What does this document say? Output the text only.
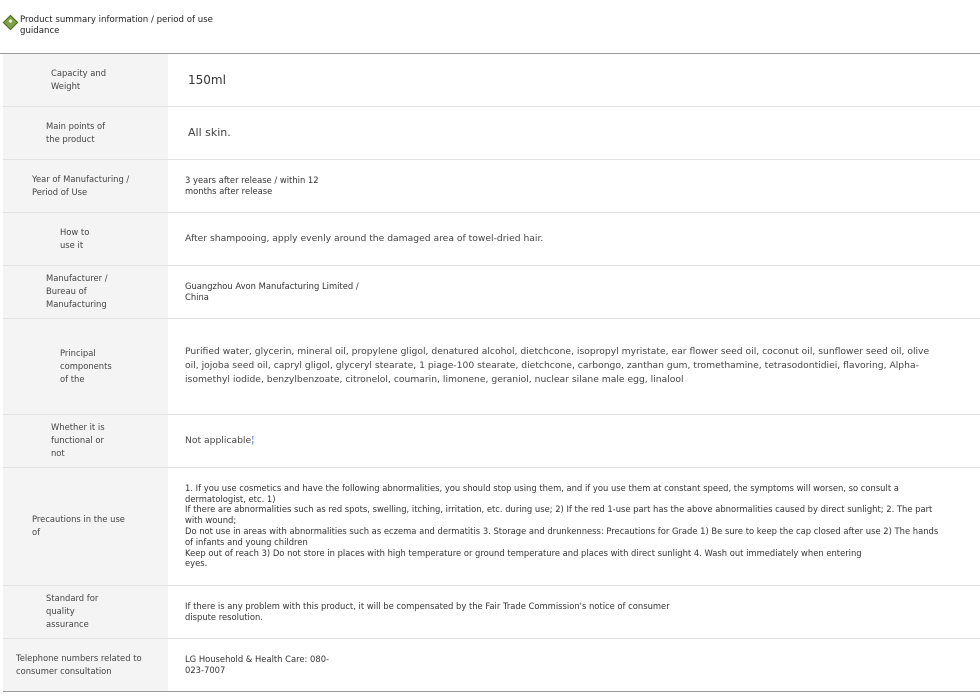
Product summary information / period of use guidance
Capacity and Weight	150ml

Main points of the product	All skin.

Year of Manufacturing / Period of Use	3 years after release / within 12 months after release

How to use it	After shampooing, apply evenly around the damaged area of towel-dried hair.

Manufacturer / Bureau of Manufacturing	Guangzhou Avon Manufacturing Limited / China

Principal components of the	Purified water, glycerin, mineral oil, propylene gligol, denatured alcohol, dietchcone, isopropyl myristate, ear flower seed oil, coconut oil, sunflower seed oil, olive oil, jojoba seed oil, capryl gligol, glyceryl stearate, 1 piage-100 stearate, dietchcone, carbongo, zanthan gum, tromethamine, tetrasodontidiei, flavoring, Alpha-isomethyl iodide, benzylbenzoate, citronelol, coumarin, limonene, geraniol, nuclear silane male egg, linalool

Whether it is functional or not	Not applicable¦

Precautions in the use of	1. If you use cosmetics and have the following abnormalities, you should stop using them, and if you use them at constant speed, the symptoms will worsen, so consult a dermatologist, etc. 1)
If there are abnormalities such as red spots, swelling, itching, irritation, etc. during use; 2) If the red 1-use part has the above abnormalities caused by direct sunlight; 2. The part with wound;
Do not use in areas with abnormalities such as eczema and dermatitis 3. Storage and drunkenness: Precautions for Grade 1) Be sure to keep the cap closed after use 2) The hands of infants and young children
Keep out of reach 3) Do not store in places with high temperature or ground temperature and places with direct sunlight 4. Wash out immediately when entering eyes.

Standard for quality assurance	If there is any problem with this product, it will be compensated by the Fair Trade Commission's notice of consumer dispute resolution.

Telephone numbers related to consumer consultation	LG Household & Health Care: 080-023-7007
